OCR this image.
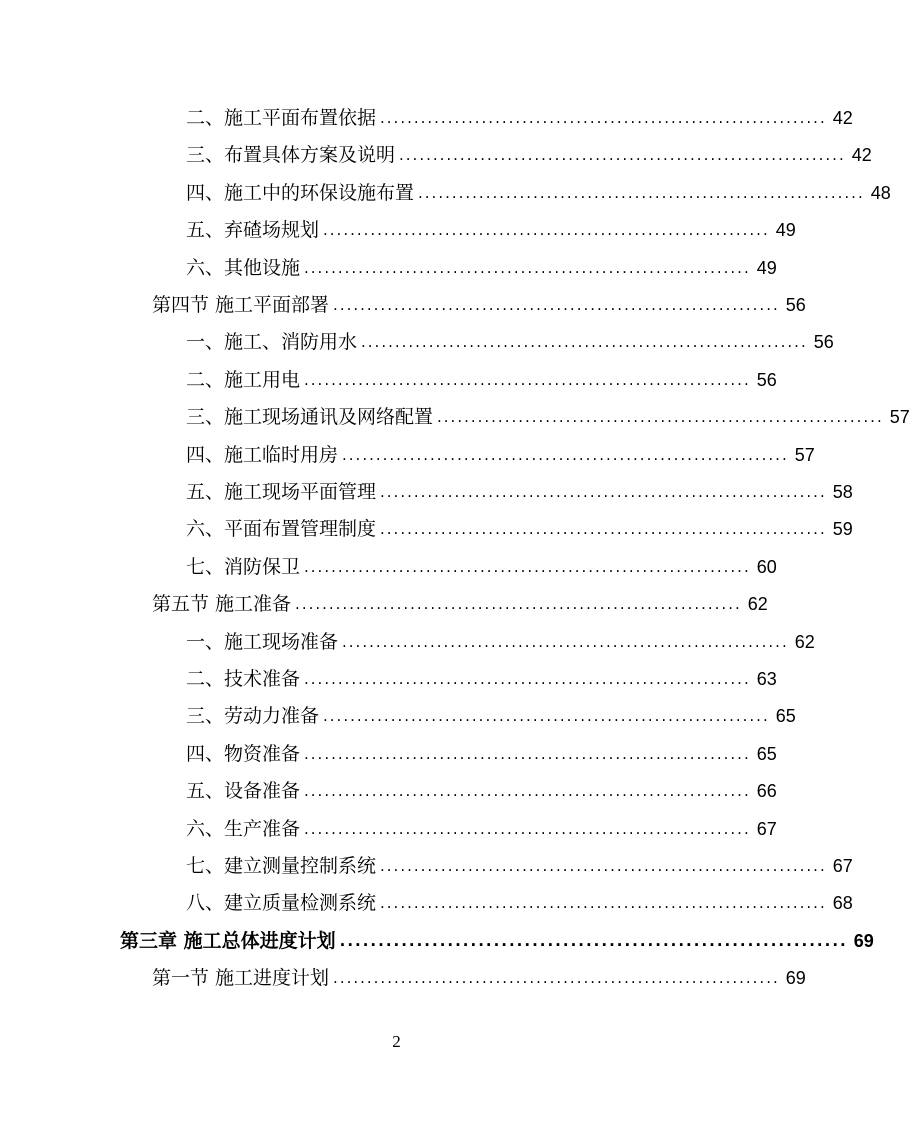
二、施工平面布置依据 .................................................................. 42
三、布置具体方案及说明 .................................................................. 42
四、施工中的环保设施布置 .................................................................. 48
五、弃碴场规划 .................................................................. 49
六、其他设施 .................................................................. 49
第四节 施工平面部署 .................................................................. 56
一、施工、消防用水 .................................................................. 56
二、施工用电 .................................................................. 56
三、施工现场通讯及网络配置 .................................................................. 57
四、施工临时用房 .................................................................. 57
五、施工现场平面管理 .................................................................. 58
六、平面布置管理制度 .................................................................. 59
七、消防保卫 .................................................................. 60
第五节 施工准备 .................................................................. 62
一、施工现场准备 .................................................................. 62
二、技术准备 .................................................................. 63
三、劳动力准备 .................................................................. 65
四、物资准备 .................................................................. 65
五、设备准备 .................................................................. 66
六、生产准备 .................................................................. 67
七、建立测量控制系统 .................................................................. 67
八、建立质量检测系统 .................................................................. 68
第三章 施工总体进度计划 .................................................................. 69
第一节 施工进度计划 .................................................................. 69
2
